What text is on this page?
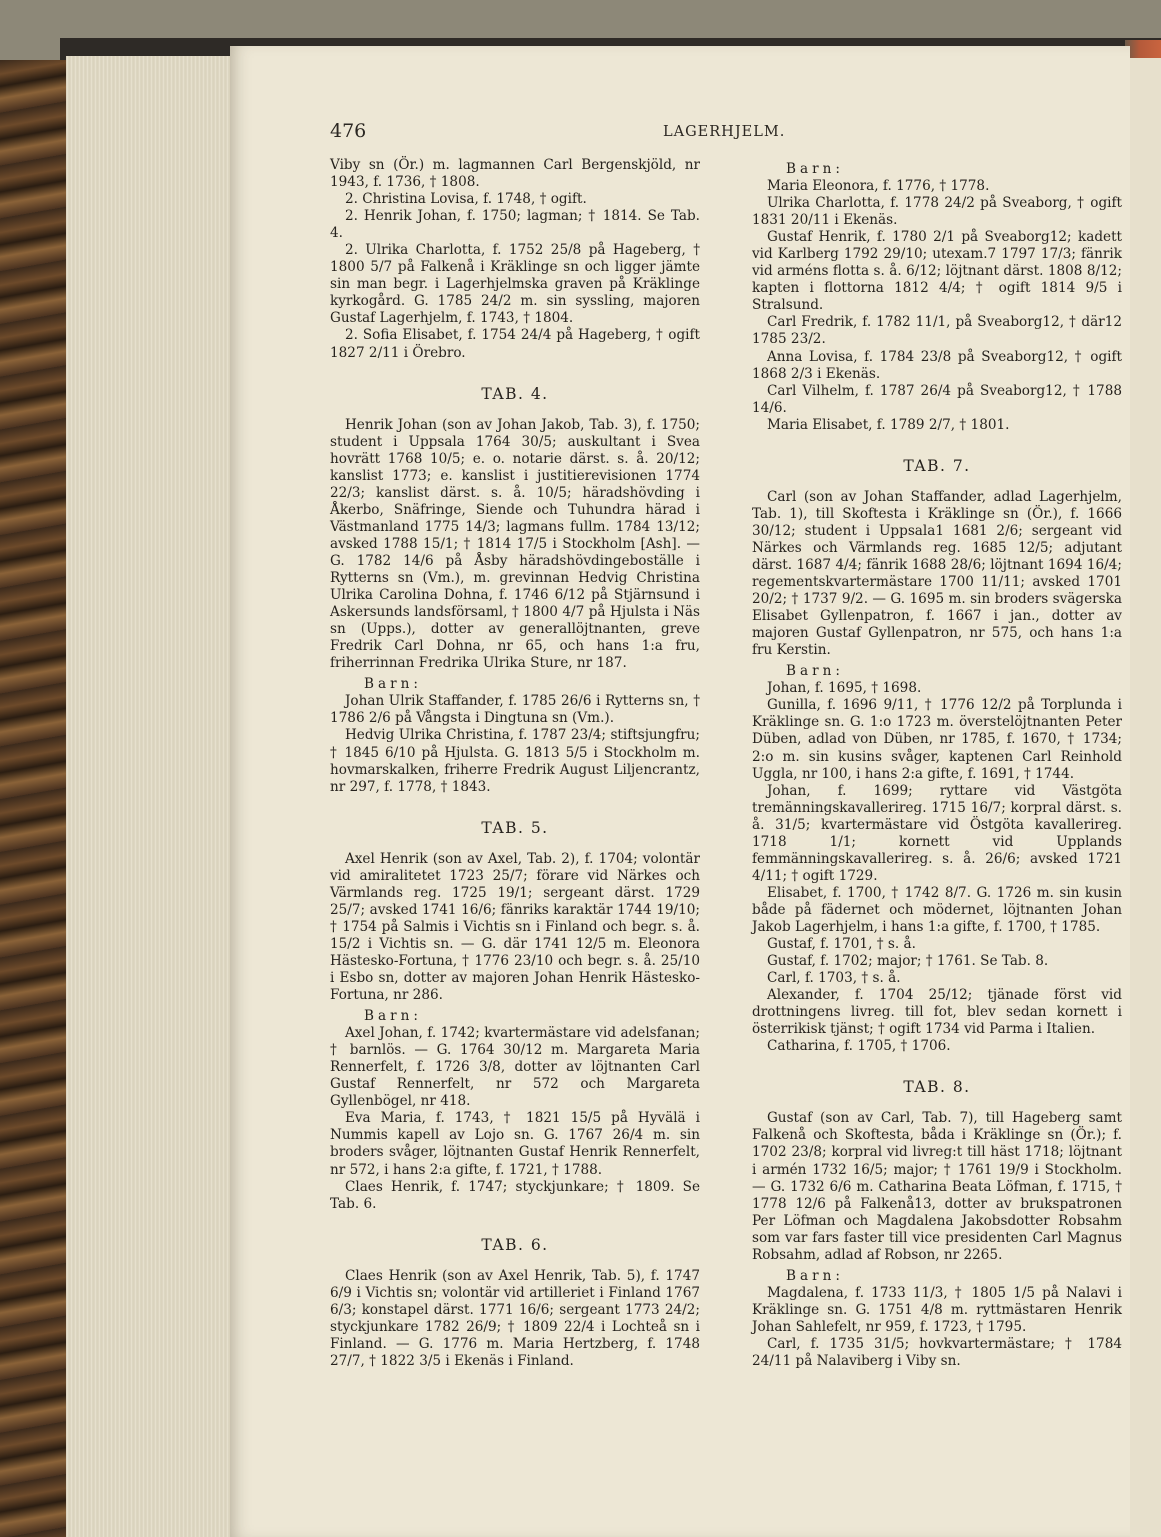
476	LAGERHJELM.

Viby sn (Ör.) m. lagmannen Carl Bergenskjöld, nr 1943, f. 1736, † 1808.

2. Christina Lovisa, f. 1748, † ogift.

2. Henrik Johan, f. 1750; lagman; † 1814. Se Tab. 4.

2. Ulrika Charlotta, f. 1752 25/8 på Hageberg, † 1800 5/7 på Falkenå i Kräklinge sn och ligger jämte sin man begr. i Lagerhjelmska graven på Kräklinge kyrkogård. G. 1785 24/2 m. sin syssling, majoren Gustaf Lagerhjelm, f. 1743, † 1804.

2. Sofia Elisabet, f. 1754 24/4 på Hageberg, † ogift 1827 2/11 i Örebro.

TAB. 4.

Henrik Johan (son av Johan Jakob, Tab. 3), f. 1750; student i Uppsala 1764 30/5; auskultant i Svea hovrätt 1768 10/5; e. o. notarie därst. s. å. 20/12; kanslist 1773; e. kanslist i justitierevisionen 1774 22/3; kanslist därst. s. å. 10/5; häradshövding i Åkerbo, Snäfringe, Siende och Tuhundra härad i Västmanland 1775 14/3; lagmans fullm. 1784 13/12; avsked 1788 15/1; † 1814 17/5 i Stockholm [Ash]. — G. 1782 14/6 på Åsby häradshövdingeboställe i Rytterns sn (Vm.), m. grevinnan Hedvig Christina Ulrika Carolina Dohna, f. 1746 6/12 på Stjärnsund i Askersunds landsförsaml, † 1800 4/7 på Hjulsta i Näs sn (Upps.), dotter av generallöjtnanten, greve Fredrik Carl Dohna, nr 65, och hans 1:a fru, friherrinnan Fredrika Ulrika Sture, nr 187.

Barn:

Johan Ulrik Staffander, f. 1785 26/6 i Rytterns sn, † 1786 2/6 på Vångsta i Dingtuna sn (Vm.).

Hedvig Ulrika Christina, f. 1787 23/4; stiftsjungfru; † 1845 6/10 på Hjulsta. G. 1813 5/5 i Stockholm m. hovmarskalken, friherre Fredrik August Liljencrantz, nr 297, f. 1778, † 1843.

TAB. 5.

Axel Henrik (son av Axel, Tab. 2), f. 1704; volontär vid amiralitetet 1723 25/7; förare vid Närkes och Värmlands reg. 1725 19/1; sergeant därst. 1729 25/7; avsked 1741 16/6; fänriks karaktär 1744 19/10; † 1754 på Salmis i Vichtis sn i Finland och begr. s. å. 15/2 i Vichtis sn. — G. där 1741 12/5 m. Eleonora Hästesko-Fortuna, † 1776 23/10 och begr. s. å. 25/10 i Esbo sn, dotter av majoren Johan Henrik Hästesko-Fortuna, nr 286.

Barn:

Axel Johan, f. 1742; kvartermästare vid adelsfanan; † barnlös. — G. 1764 30/12 m. Margareta Maria Rennerfelt, f. 1726 3/8, dotter av löjtnanten Carl Gustaf Rennerfelt, nr 572 och Margareta Gyllenbögel, nr 418.

Eva Maria, f. 1743, † 1821 15/5 på Hyvälä i Nummis kapell av Lojo sn. G. 1767 26/4 m. sin broders svåger, löjtnanten Gustaf Henrik Rennerfelt, nr 572, i hans 2:a gifte, f. 1721, † 1788.

Claes Henrik, f. 1747; styckjunkare; † 1809. Se Tab. 6.

TAB. 6.

Claes Henrik (son av Axel Henrik, Tab. 5), f. 1747 6/9 i Vichtis sn; volontär vid artilleriet i Finland 1767 6/3; konstapel därst. 1771 16/6; sergeant 1773 24/2; styckjunkare 1782 26/9; † 1809 22/4 i Lochteå sn i Finland. — G. 1776 m. Maria Hertzberg, f. 1748 27/7, † 1822 3/5 i Ekenäs i Finland.

Barn:

Maria Eleonora, f. 1776, † 1778.

Ulrika Charlotta, f. 1778 24/2 på Sveaborg, † ogift 1831 20/11 i Ekenäs.

Gustaf Henrik, f. 1780 2/1 på Sveaborg12; kadett vid Karlberg 1792 29/10; utexam.7 1797 17/3; fänrik vid arméns flotta s. å. 6/12; löjtnant därst. 1808 8/12; kapten i flottorna 1812 4/4; † ogift 1814 9/5 i Stralsund.

Carl Fredrik, f. 1782 11/1, på Sveaborg12, † där12 1785 23/2.

Anna Lovisa, f. 1784 23/8 på Sveaborg12, † ogift 1868 2/3 i Ekenäs.

Carl Vilhelm, f. 1787 26/4 på Sveaborg12, † 1788 14/6.

Maria Elisabet, f. 1789 2/7, † 1801.

TAB. 7.

Carl (son av Johan Staffander, adlad Lagerhjelm, Tab. 1), till Skoftesta i Kräklinge sn (Ör.), f. 1666 30/12; student i Uppsala1 1681 2/6; sergeant vid Närkes och Värmlands reg. 1685 12/5; adjutant därst. 1687 4/4; fänrik 1688 28/6; löjtnant 1694 16/4; regementskvartermästare 1700 11/11; avsked 1701 20/2; † 1737 9/2. — G. 1695 m. sin broders svägerska Elisabet Gyllenpatron, f. 1667 i jan., dotter av majoren Gustaf Gyllenpatron, nr 575, och hans 1:a fru Kerstin.

Barn:

Johan, f. 1695, † 1698.

Gunilla, f. 1696 9/11, † 1776 12/2 på Torplunda i Kräklinge sn. G. 1:o 1723 m. överstelöjtnanten Peter Düben, adlad von Düben, nr 1785, f. 1670, † 1734; 2:o m. sin kusins svåger, kaptenen Carl Reinhold Uggla, nr 100, i hans 2:a gifte, f. 1691, † 1744.

Johan, f. 1699; ryttare vid Västgöta tremänningskavallerireg. 1715 16/7; korpral därst. s. å. 31/5; kvartermästare vid Östgöta kavallerireg. 1718 1/1; kornett vid Upplands femmänningskavallerireg. s. å. 26/6; avsked 1721 4/11; † ogift 1729.

Elisabet, f. 1700, † 1742 8/7. G. 1726 m. sin kusin både på fädernet och mödernet, löjtnanten Johan Jakob Lagerhjelm, i hans 1:a gifte, f. 1700, † 1785.

Gustaf, f. 1701, † s. å.

Gustaf, f. 1702; major; † 1761. Se Tab. 8.

Carl, f. 1703, † s. å.

Alexander, f. 1704 25/12; tjänade först vid drottningens livreg. till fot, blev sedan kornett i österrikisk tjänst; † ogift 1734 vid Parma i Italien.

Catharina, f. 1705, † 1706.

TAB. 8.

Gustaf (son av Carl, Tab. 7), till Hageberg samt Falkenå och Skoftesta, båda i Kräklinge sn (Ör.); f. 1702 23/8; korpral vid livreg:t till häst 1718; löjtnant i armén 1732 16/5; major; † 1761 19/9 i Stockholm. — G. 1732 6/6 m. Catharina Beata Löfman, f. 1715, † 1778 12/6 på Falkenå13, dotter av brukspatronen Per Löfman och Magdalena Jakobsdotter Robsahm som var fars faster till vice presidenten Carl Magnus Robsahm, adlad af Robson, nr 2265.

Barn:

Magdalena, f. 1733 11/3, † 1805 1/5 på Nalavi i Kräklinge sn. G. 1751 4/8 m. ryttmästaren Henrik Johan Sahlefelt, nr 959, f. 1723, † 1795.

Carl, f. 1735 31/5; hovkvartermästare; † 1784 24/11 på Nalaviberg i Viby sn.
